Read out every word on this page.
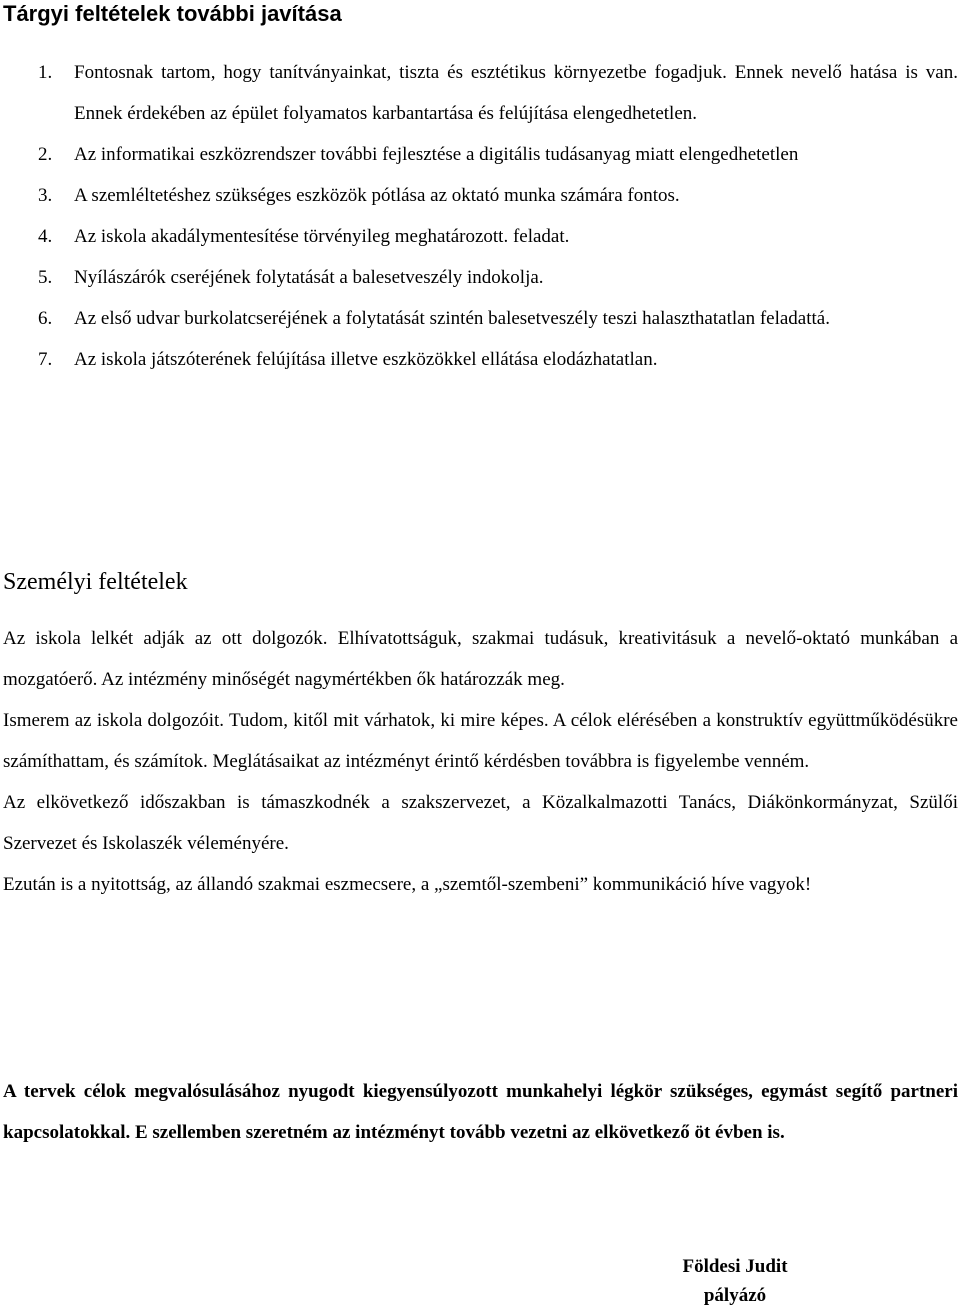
Tárgyi feltételek további javítása
1. Fontosnak tartom, hogy tanítványainkat, tiszta és esztétikus környezetbe fogadjuk. Ennek nevelő hatása is van. Ennek érdekében az épület folyamatos karbantartása és felújítása elengedhetetlen.
2. Az informatikai eszközrendszer további fejlesztése a digitális tudásanyag miatt elengedhetetlen
3. A szemléltetéshez szükséges eszközök pótlása az oktató munka számára fontos.
4. Az iskola akadálymentesítése törvényileg meghatározott. feladat.
5. Nyílászárók cseréjének folytatását a balesetveszély indokolja.
6. Az első udvar burkolatcseréjének a folytatását szintén balesetveszély teszi halaszthatatlan feladattá.
7. Az iskola játszóterének felújítása illetve eszközökkel ellátása elodázhatatlan.
Személyi feltételek

Az iskola lelkét adják az ott dolgozók. Elhívatottságuk, szakmai tudásuk, kreativitásuk a nevelő-oktató munkában a mozgatóerő. Az intézmény minőségét nagymértékben ők határozzák meg.

Ismerem az iskola dolgozóit. Tudom, kitől mit várhatok, ki mire képes. A célok elérésében a konstruktív együttműködésükre számíthattam, és számítok. Meglátásaikat az intézményt érintő kérdésben továbbra is figyelembe venném.

Az elkövetkező időszakban is támaszkodnék a szakszervezet, a Közalkalmazotti Tanács, Diákönkormányzat, Szülői Szervezet és Iskolaszék véleményére.

Ezután is a nyitottság, az állandó szakmai eszmecsere, a „szemtől-szembeni” kommunikáció híve vagyok!

A tervek célok megvalósulásához nyugodt kiegyensúlyozott munkahelyi légkör szükséges, egymást segítő partneri kapcsolatokkal. E szellemben szeretném az intézményt tovább vezetni az elkövetkező öt évben is.

Földesi Judit
pályázó
